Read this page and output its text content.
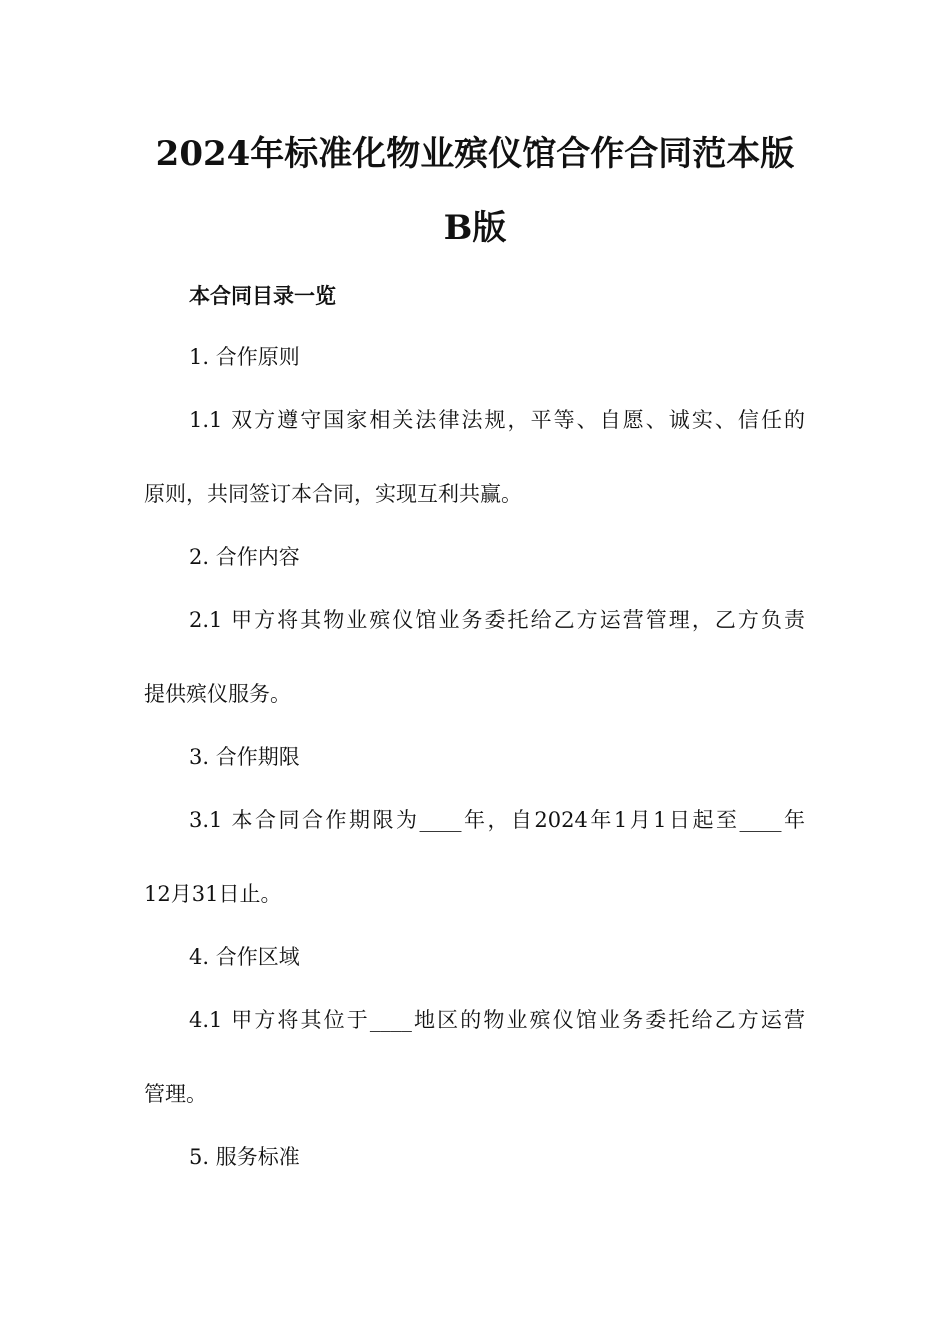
2024年标准化物业殡仪馆合作合同范本版
B版

本合同目录一览

1. 合作原则

1.1 双方遵守国家相关法律法规，平等、自愿、诚实、信任的

原则，共同签订本合同，实现互利共赢。

2. 合作内容

2.1 甲方将其物业殡仪馆业务委托给乙方运营管理，乙方负责

提供殡仪服务。

3. 合作期限

3.1 本合同合作期限为____年，自2024年1月1日起至____年

12月31日止。

4. 合作区域

4.1 甲方将其位于____地区的物业殡仪馆业务委托给乙方运营

管理。

5. 服务标准
